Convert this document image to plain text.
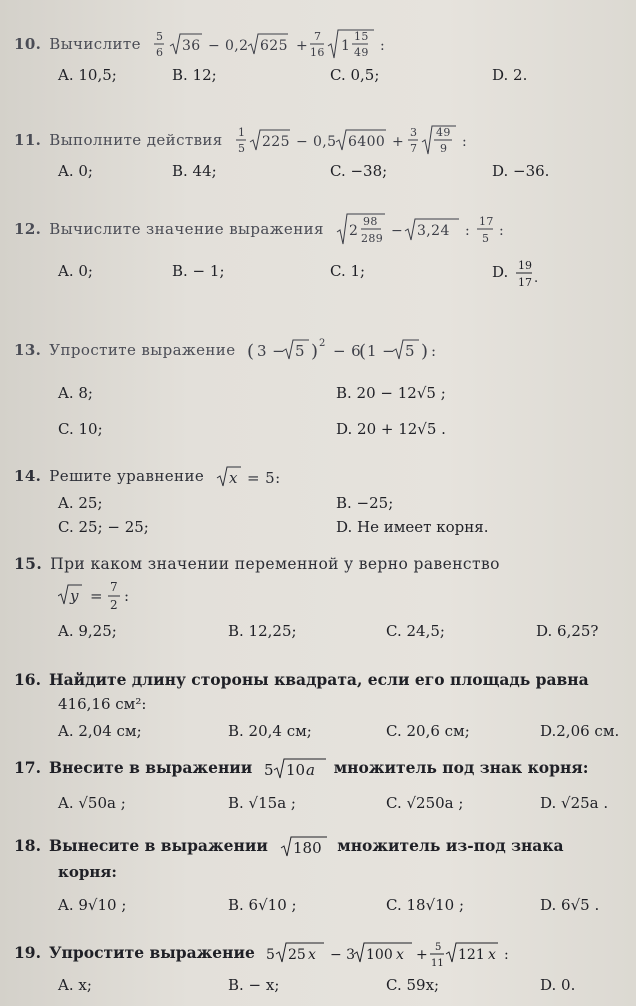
10. Вычислите 5
6 36 − 0,2 625 +
7
16 1
15
49 :
A. 10,5;	B. 12;	C. 0,5;	D. 2.
11. Выполните действия 1
5 225 − 0,5 6400 +
3
7
49
9 :
A. 0;	B. 44;	C. −38;	D. −36.
12. Вычислите значение выражения 2
98
289 − 3,24 :
17
5 :
A. 0;	B. − 1;	C. 1;	D. 19
17 .
13. Упростите выражение ( 3 − 5 ) 2 − 6
( 1 − 5 ) :
A. 8;	B. 20 − 12√5 ;
C. 10;	D. 20 + 12√5 .
14. Решите уравнение x = 5:
A. 25;	B. −25;
C. 25; − 25;	D. Не имеет корня.
15. При каком значении переменной y верно равенство
y = 7
2 :
A. 9,25;	B. 12,25;	C. 24,5;	D. 6,25?
16. Найдите длину стороны квадрата, если его площадь равна
416,16 см²:
A. 2,04 см;	B. 20,4 см;	C. 20,6 см;	D.2,06 см.
17. Внесите в выражении 5 10 a множитель под знак корня:
A. √50a ;	B. √15a ;	C. √250a ;	D. √25a .
18. Вынесите в выражении 180 множитель из-под знака
корня:
A. 9√10 ;	B. 6√10 ;	C. 18√10 ;	D. 6√5 .
19. Упростите выражение 5 25 x − 3 100 x + 5
11
121 x :
A. x;	B. − x;	C. 59x;	D. 0.
